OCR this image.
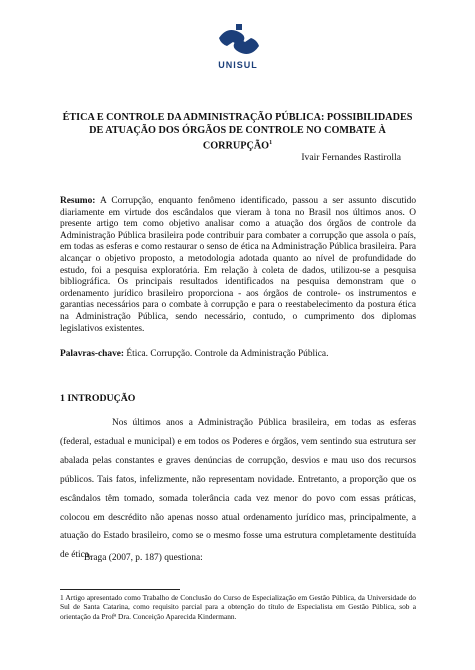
UNISUL
ÉTICA E CONTROLE DA ADMINISTRAÇÃO PÚBLICA: POSSIBILIDADES
DE ATUAÇÃO DOS ÓRGÃOS DE CONTROLE NO COMBATE À
CORRUPÇÃO$^1$
Ivair Fernandes Rastirolla
Resumo: A Corrupção, enquanto fenômeno identificado, passou a ser assunto discutido diariamente em virtude dos escândalos que vieram à tona no Brasil nos últimos anos. O presente artigo tem como objetivo analisar como a atuação dos órgãos de controle da Administração Pública brasileira pode contribuir para combater a corrupção que assola o país, em todas as esferas e como restaurar o senso de ética na Administração Pública brasileira. Para alcançar o objetivo proposto, a metodologia adotada quanto ao nível de profundidade do estudo, foi a pesquisa exploratória. Em relação à coleta de dados, utilizou-se a pesquisa bibliográfica. Os principais resultados identificados na pesquisa demonstram que o ordenamento jurídico brasileiro proporciona - aos órgãos de controle- os instrumentos e garantias necessários para o combate à corrupção e para o reestabelecimento da postura ética na Administração Pública, sendo necessário, contudo, o cumprimento dos diplomas legislativos existentes.
Palavras-chave: Ética. Corrupção. Controle da Administração Pública.
1 INTRODUÇÃO
Nos últimos anos a Administração Pública brasileira, em todas as esferas (federal, estadual e municipal) e em todos os Poderes e órgãos, vem sentindo sua estrutura ser abalada pelas constantes e graves denúncias de corrupção, desvios e mau uso dos recursos públicos. Tais fatos, infelizmente, não representam novidade. Entretanto, a proporção que os escândalos têm tomado, somada tolerância cada vez menor do povo com essas práticas, colocou em descrédito não apenas nosso atual ordenamento jurídico mas, principalmente, a atuação do Estado brasileiro, como se o mesmo fosse uma estrutura completamente destituída de ética.
Braga (2007, p. 187) questiona:
1 Artigo apresentado como Trabalho de Conclusão do Curso de Especialização em Gestão Pública, da Universidade do Sul de Santa Catarina, como requisito parcial para a obtenção do título de Especialista em Gestão Pública, sob a orientação da Profª Dra. Conceição Aparecida Kindermann.
